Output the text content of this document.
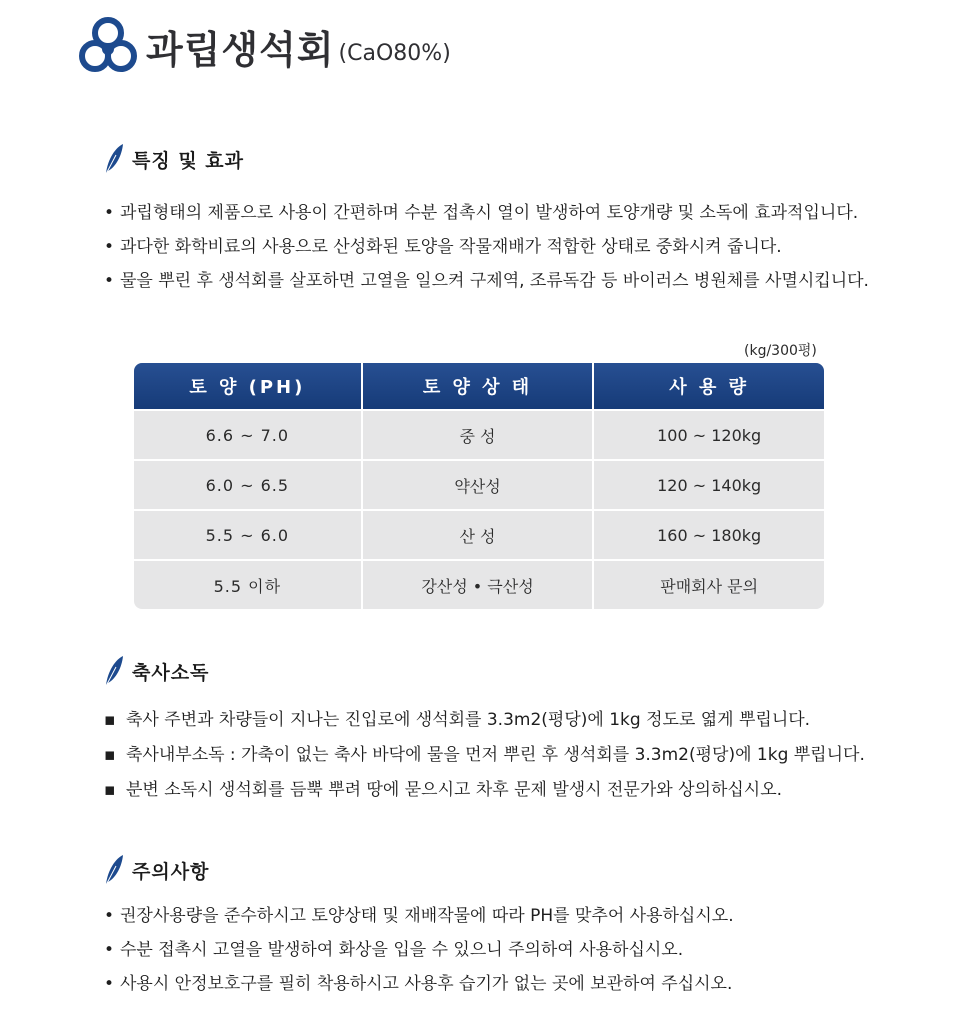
과립생석회 (CaO80%)
특징 및 효과
• 과립형태의 제품으로 사용이 간편하며 수분 접촉시 열이 발생하여 토양개량 및 소독에 효과적입니다.
• 과다한 화학비료의 사용으로 산성화된 토양을 작물재배가 적합한 상태로 중화시켜 줍니다.
• 물을 뿌린 후 생석회를 살포하면 고열을 일으켜 구제역, 조류독감 등 바이러스 병원체를 사멸시킵니다.
(kg/300평)
토 양 (PH)	토 양 상 태	사 용 량
6.6 ~ 7.0	중 성	100 ~ 120kg
6.0 ~ 6.5	약산성	120 ~ 140kg
5.5 ~ 6.0	산 성	160 ~ 180kg
5.5 이하	강산성 • 극산성	판매회사 문의
축사소독
▪ 축사 주변과 차량들이 지나는 진입로에 생석회를 3.3m2(평당)에 1kg 정도로 엷게 뿌립니다.
▪ 축사내부소독 : 가축이 없는 축사 바닥에 물을 먼저 뿌린 후 생석회를 3.3m2(평당)에 1kg 뿌립니다.
▪ 분변 소독시 생석회를 듬뿍 뿌려 땅에 묻으시고 차후 문제 발생시 전문가와 상의하십시오.
주의사항
• 권장사용량을 준수하시고 토양상태 및 재배작물에 따라 PH를 맞추어 사용하십시오.
• 수분 접촉시 고열을 발생하여 화상을 입을 수 있으니 주의하여 사용하십시오.
• 사용시 안정보호구를 필히 착용하시고 사용후 습기가 없는 곳에 보관하여 주십시오.
